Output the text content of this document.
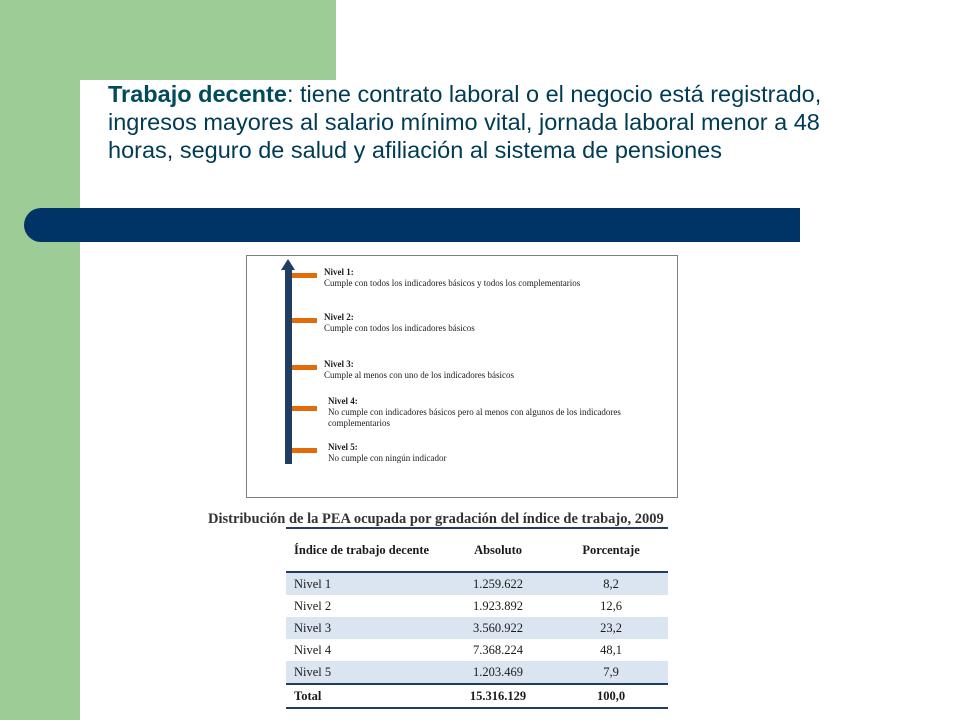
Trabajo decente: tiene contrato laboral o el negocio está registrado, ingresos mayores al salario mínimo vital, jornada laboral menor a 48 horas, seguro de salud y afiliación al sistema de pensiones

Nivel 1:
Cumple con todos los indicadores básicos y todos los complementarios
Nivel 2:
Cumple con todos los indicadores básicos
Nivel 3:
Cumple al menos con uno de los indicadores básicos
Nivel 4:
No cumple con indicadores básicos pero al menos con algunos de los indicadores complementarios
Nivel 5:
No cumple con ningún indicador

Distribución de la PEA ocupada por gradación del índice de trabajo, 2009

Índice de trabajo decente	Absoluto	Porcentaje
Nivel 1	1.259.622	8,2
Nivel 2	1.923.892	12,6
Nivel 3	3.560.922	23,2
Nivel 4	7.368.224	48,1
Nivel 5	1.203.469	7,9
Total	15.316.129	100,0
